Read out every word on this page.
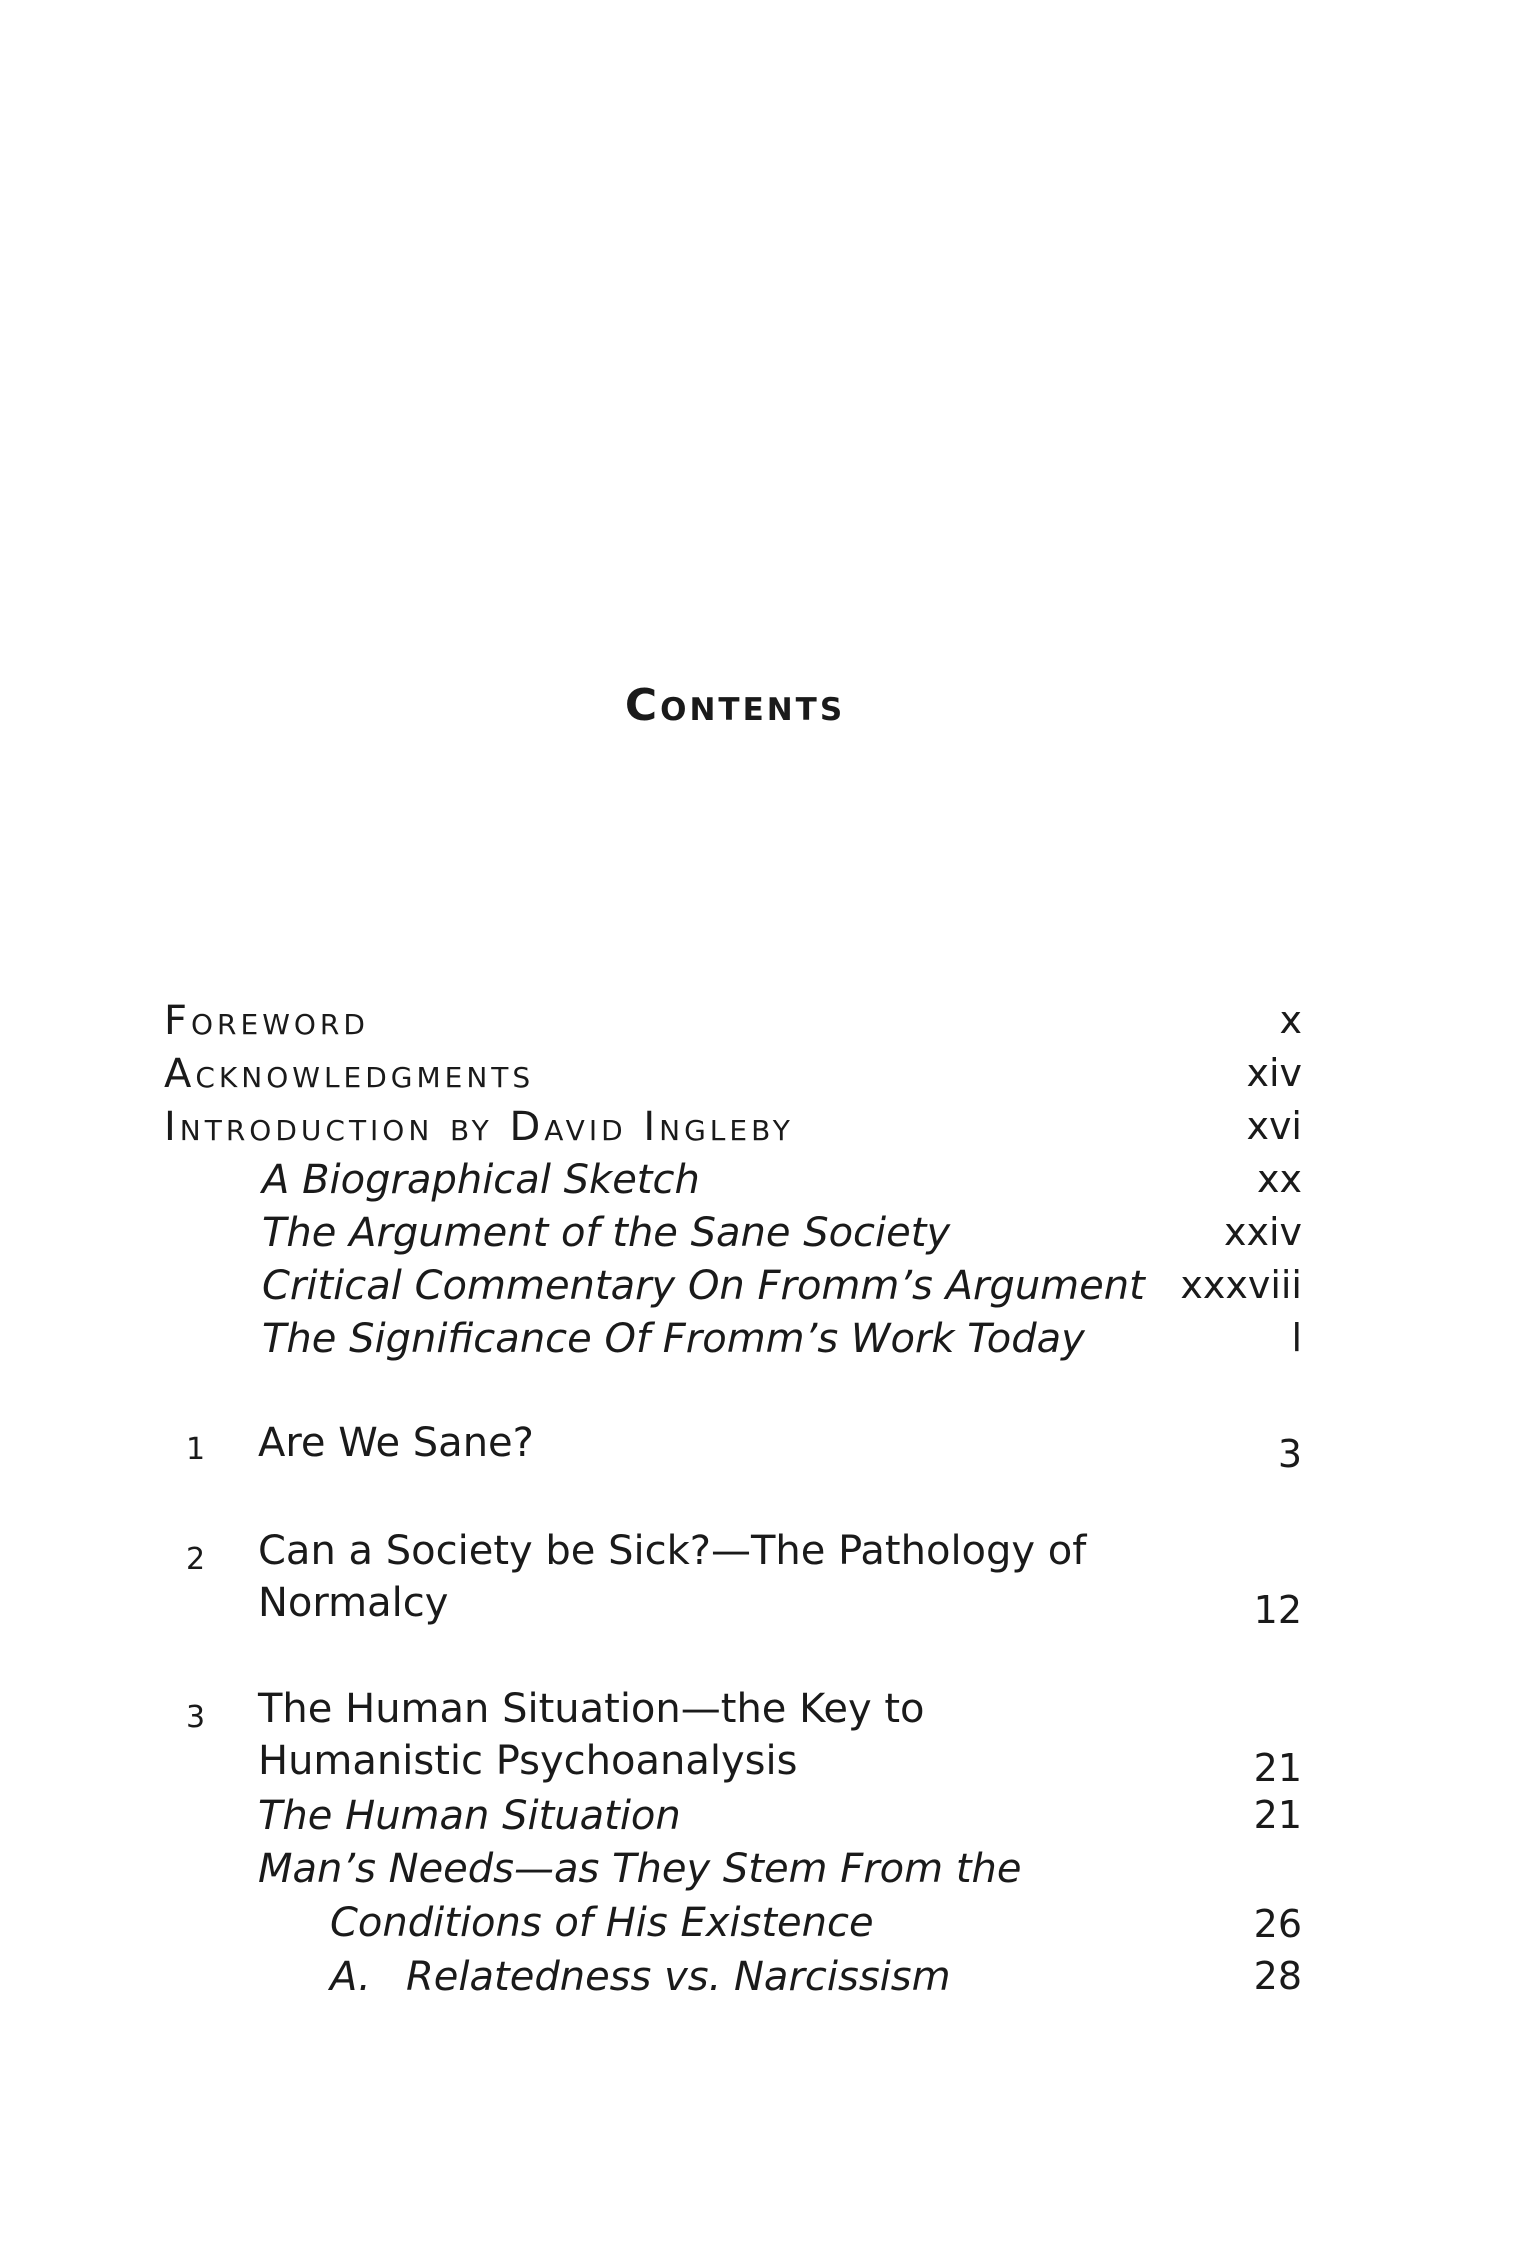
Contents
Foreword	x
Acknowledgments	xiv
Introduction by David Ingleby	xvi
A Biographical Sketch	xx
The Argument of the Sane Society	xxiv
Critical Commentary On Fromm’s Argument xxxviii
The Significance Of Fromm’s Work Today	l
1 Are We Sane?	3
2 Can a Society be Sick?—The Pathology of
Normalcy	12
3 The Human Situation—the Key to
Humanistic Psychoanalysis	21
The Human Situation	21
Man’s Needs—as They Stem From the
Conditions of His Existence	26
A. Relatedness vs. Narcissism	28
